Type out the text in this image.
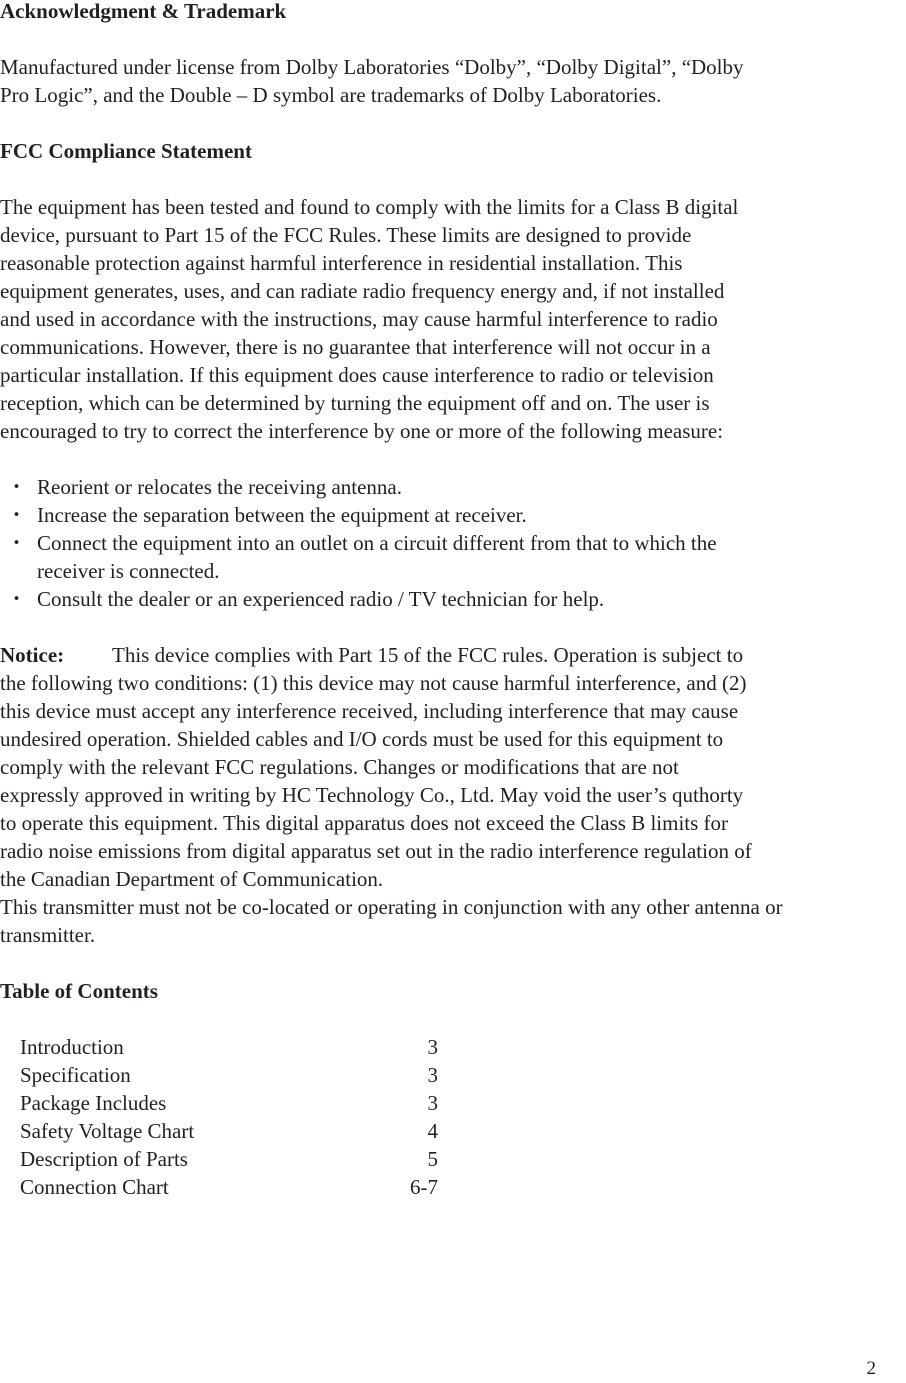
Acknowledgment & Trademark
Manufactured under license from Dolby Laboratories “Dolby”, “Dolby Digital”, “Dolby
Pro Logic”, and the Double – D symbol are trademarks of Dolby Laboratories.
FCC Compliance Statement
The equipment has been tested and found to comply with the limits for a Class B digital
device, pursuant to Part 15 of the FCC Rules. These limits are designed to provide
reasonable protection against harmful interference in residential installation. This
equipment generates, uses, and can radiate radio frequency energy and, if not installed
and used in accordance with the instructions, may cause harmful interference to radio
communications. However, there is no guarantee that interference will not occur in a
particular installation. If this equipment does cause interference to radio or television
reception, which can be determined by turning the equipment off and on. The user is
encouraged to try to correct the interference by one or more of the following measure:
・ Reorient or relocates the receiving antenna.
・ Increase the separation between the equipment at receiver.
・ Connect the equipment into an outlet on a circuit different from that to which the
receiver is connected.
・ Consult the dealer or an experienced radio / TV technician for help.
Notice: This device complies with Part 15 of the FCC rules. Operation is subject to
the following two conditions: (1) this device may not cause harmful interference, and (2)
this device must accept any interference received, including interference that may cause
undesired operation. Shielded cables and I/O cords must be used for this equipment to
comply with the relevant FCC regulations. Changes or modifications that are not
expressly approved in writing by HC Technology Co., Ltd. May void the user’s quthorty
to operate this equipment. This digital apparatus does not exceed the Class B limits for
radio noise emissions from digital apparatus set out in the radio interference regulation of
the Canadian Department of Communication.
This transmitter must not be co-located or operating in conjunction with any other antenna or
transmitter.
Table of Contents
Introduction	3
Specification	3
Package Includes	3
Safety Voltage Chart	4
Description of Parts	5
Connection Chart	6-7
2
